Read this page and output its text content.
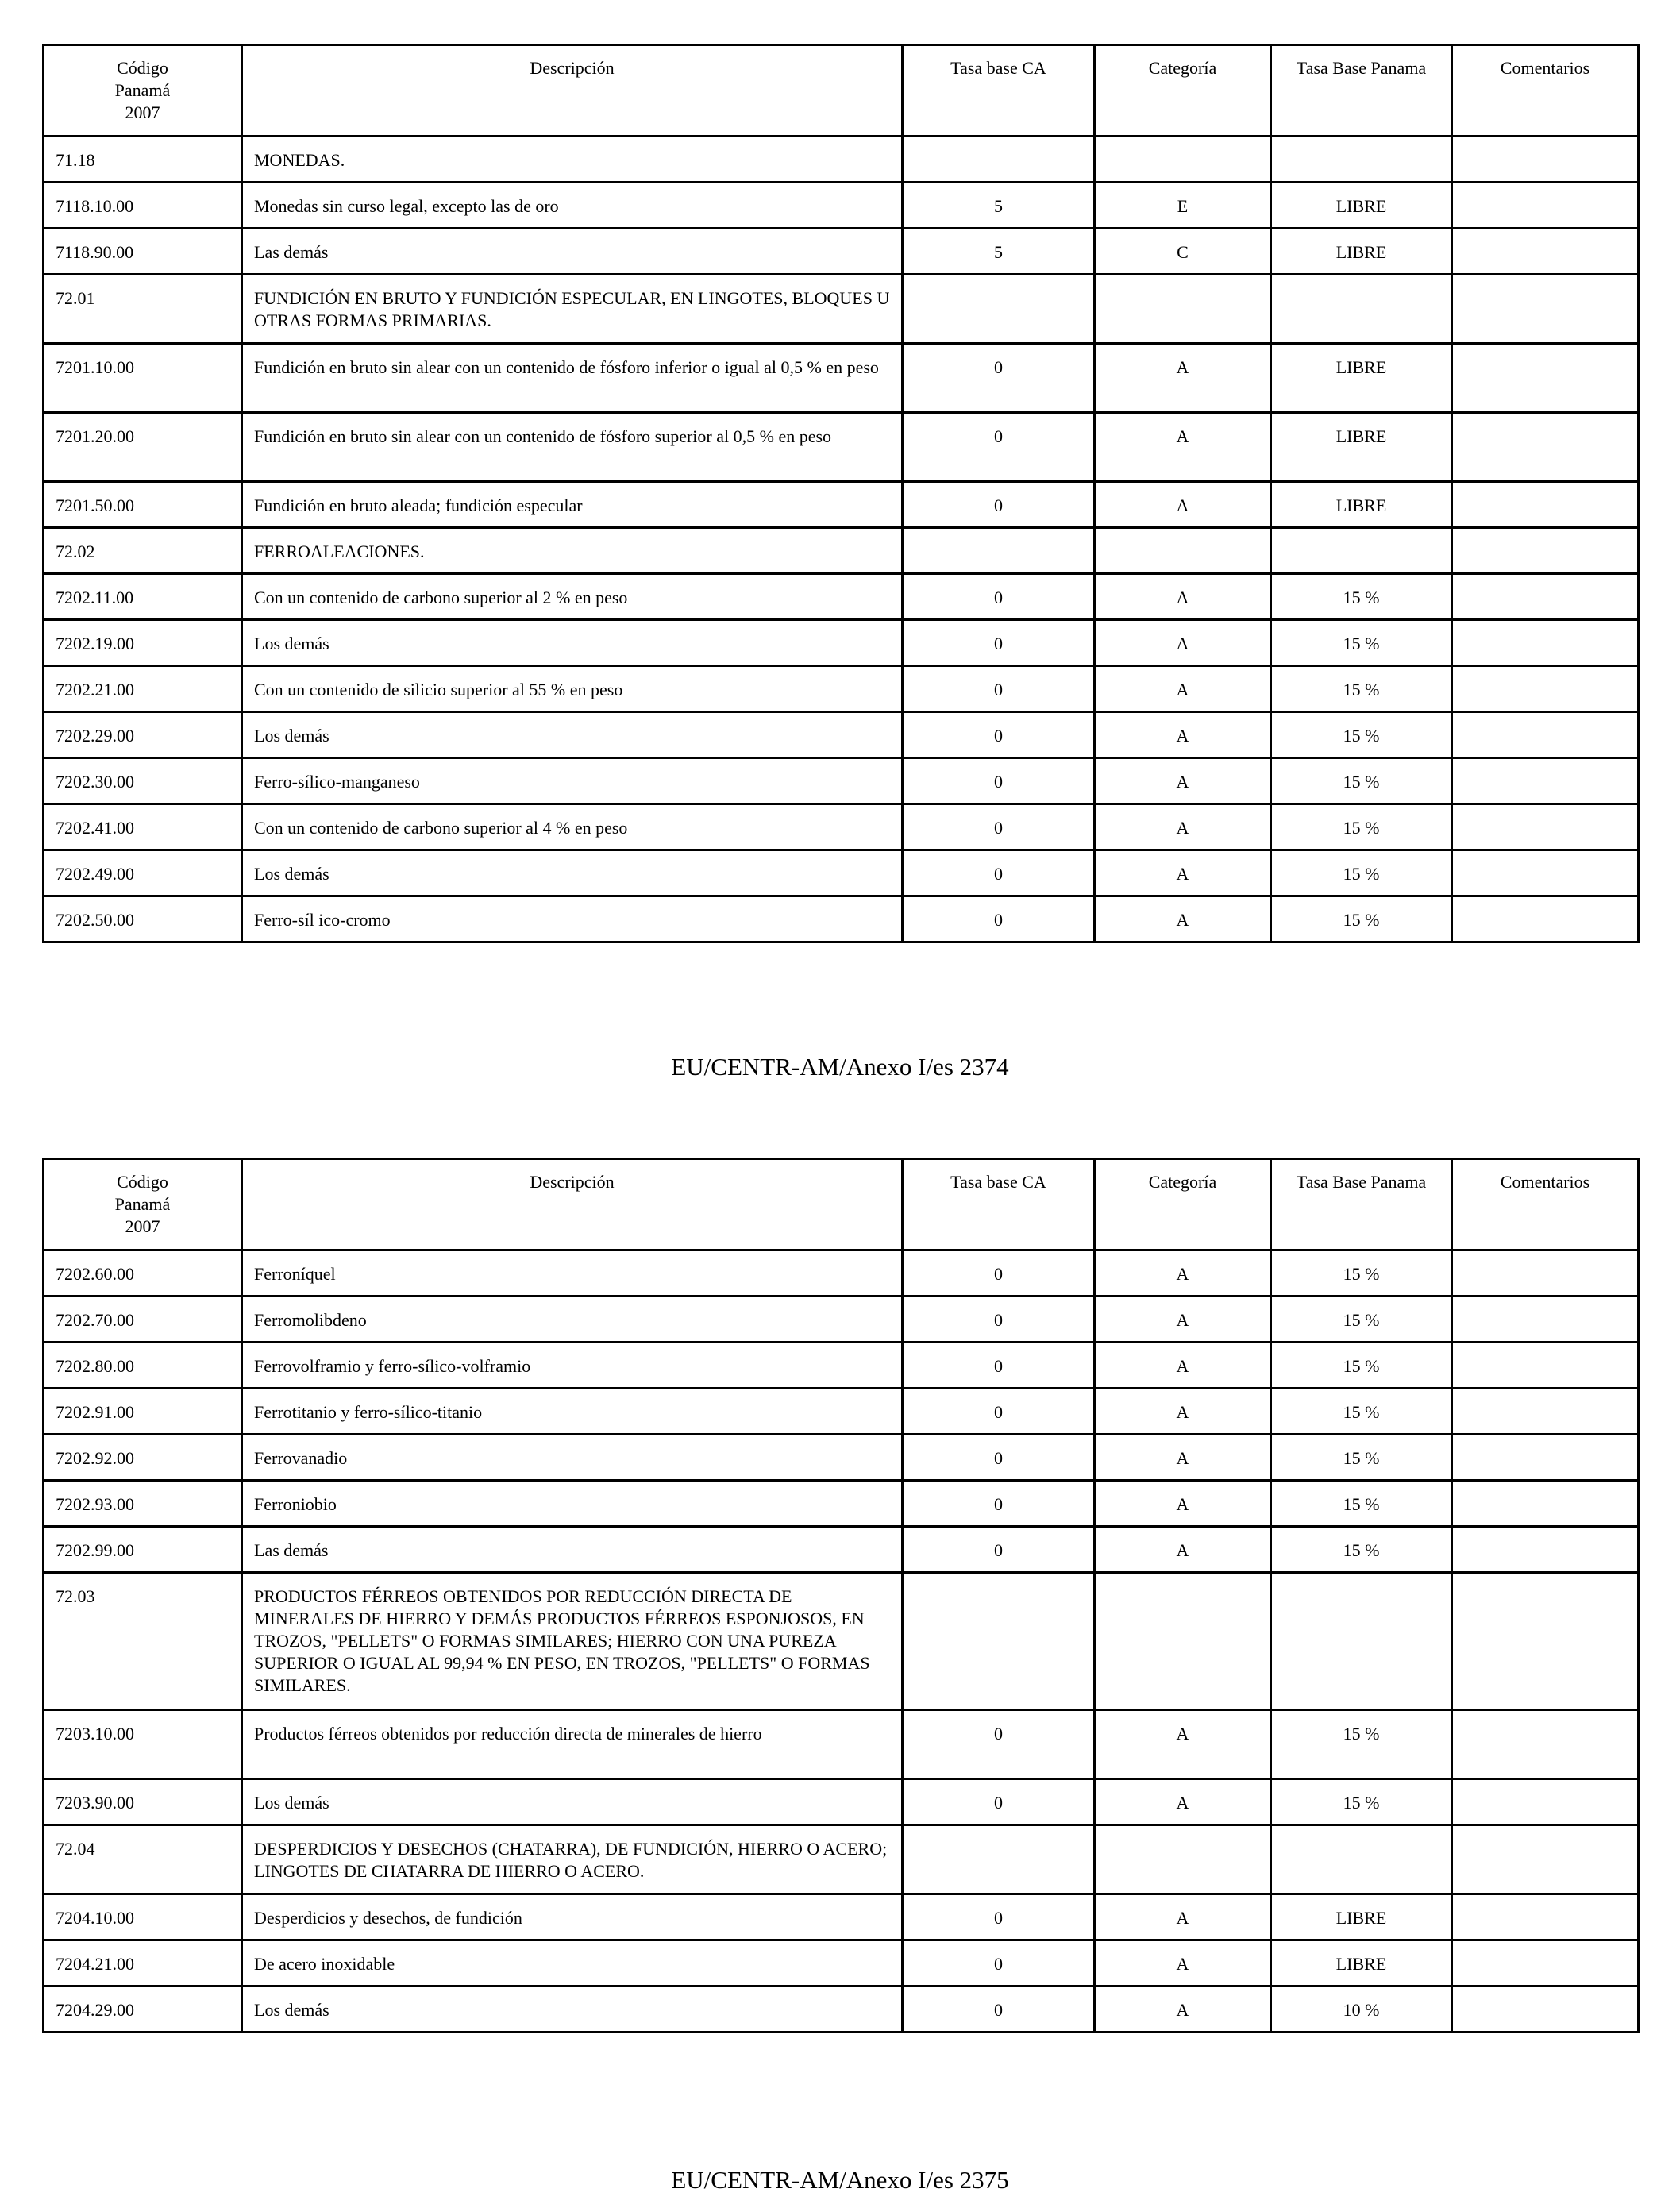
Código
Panamá
2007	Descripción	Tasa base CA	Categoría	Tasa Base Panama	Comentarios
71.18	MONEDAS.				
7118.10.00	Monedas sin curso legal, excepto las de oro	5	E	LIBRE	
7118.90.00	Las demás	5	C	LIBRE	
72.01	FUNDICIÓN EN BRUTO Y FUNDICIÓN ESPECULAR, EN LINGOTES, BLOQUES U OTRAS FORMAS PRIMARIAS.				
7201.10.00	Fundición en bruto sin alear con un contenido de fósforo inferior o igual al 0,5 % en peso	0	A	LIBRE	
7201.20.00	Fundición en bruto sin alear con un contenido de fósforo superior al 0,5 % en peso	0	A	LIBRE	
7201.50.00	Fundición en bruto aleada; fundición especular	0	A	LIBRE	
72.02	FERROALEACIONES.				
7202.11.00	Con un contenido de carbono superior al 2 % en peso	0	A	15 %	
7202.19.00	Los demás	0	A	15 %	
7202.21.00	Con un contenido de silicio superior al 55 % en peso	0	A	15 %	
7202.29.00	Los demás	0	A	15 %	
7202.30.00	Ferro-sílico-manganeso	0	A	15 %	
7202.41.00	Con un contenido de carbono superior al 4 % en peso	0	A	15 %	
7202.49.00	Los demás	0	A	15 %	
7202.50.00	Ferro-síl ico-cromo	0	A	15 %	
EU/CENTR-AM/Anexo I/es 2374
Código
Panamá
2007	Descripción	Tasa base CA	Categoría	Tasa Base Panama	Comentarios
7202.60.00	Ferroníquel	0	A	15 %	
7202.70.00	Ferromolibdeno	0	A	15 %	
7202.80.00	Ferrovolframio y ferro-sílico-volframio	0	A	15 %	
7202.91.00	Ferrotitanio y ferro-sílico-titanio	0	A	15 %	
7202.92.00	Ferrovanadio	0	A	15 %	
7202.93.00	Ferroniobio	0	A	15 %	
7202.99.00	Las demás	0	A	15 %	
72.03	PRODUCTOS FÉRREOS OBTENIDOS POR REDUCCIÓN DIRECTA DE MINERALES DE HIERRO Y DEMÁS PRODUCTOS FÉRREOS ESPONJOSOS, EN TROZOS, "PELLETS" O FORMAS SIMILARES; HIERRO CON UNA PUREZA SUPERIOR O IGUAL AL 99,94 % EN PESO, EN TROZOS, "PELLETS" O FORMAS SIMILARES.				
7203.10.00	Productos férreos obtenidos por reducción directa de minerales de hierro	0	A	15 %	
7203.90.00	Los demás	0	A	15 %	
72.04	DESPERDICIOS Y DESECHOS (CHATARRA), DE FUNDICIÓN, HIERRO O ACERO; LINGOTES DE CHATARRA DE HIERRO O ACERO.				
7204.10.00	Desperdicios y desechos, de fundición	0	A	LIBRE	
7204.21.00	De acero inoxidable	0	A	LIBRE	
7204.29.00	Los demás	0	A	10 %	
EU/CENTR-AM/Anexo I/es 2375
